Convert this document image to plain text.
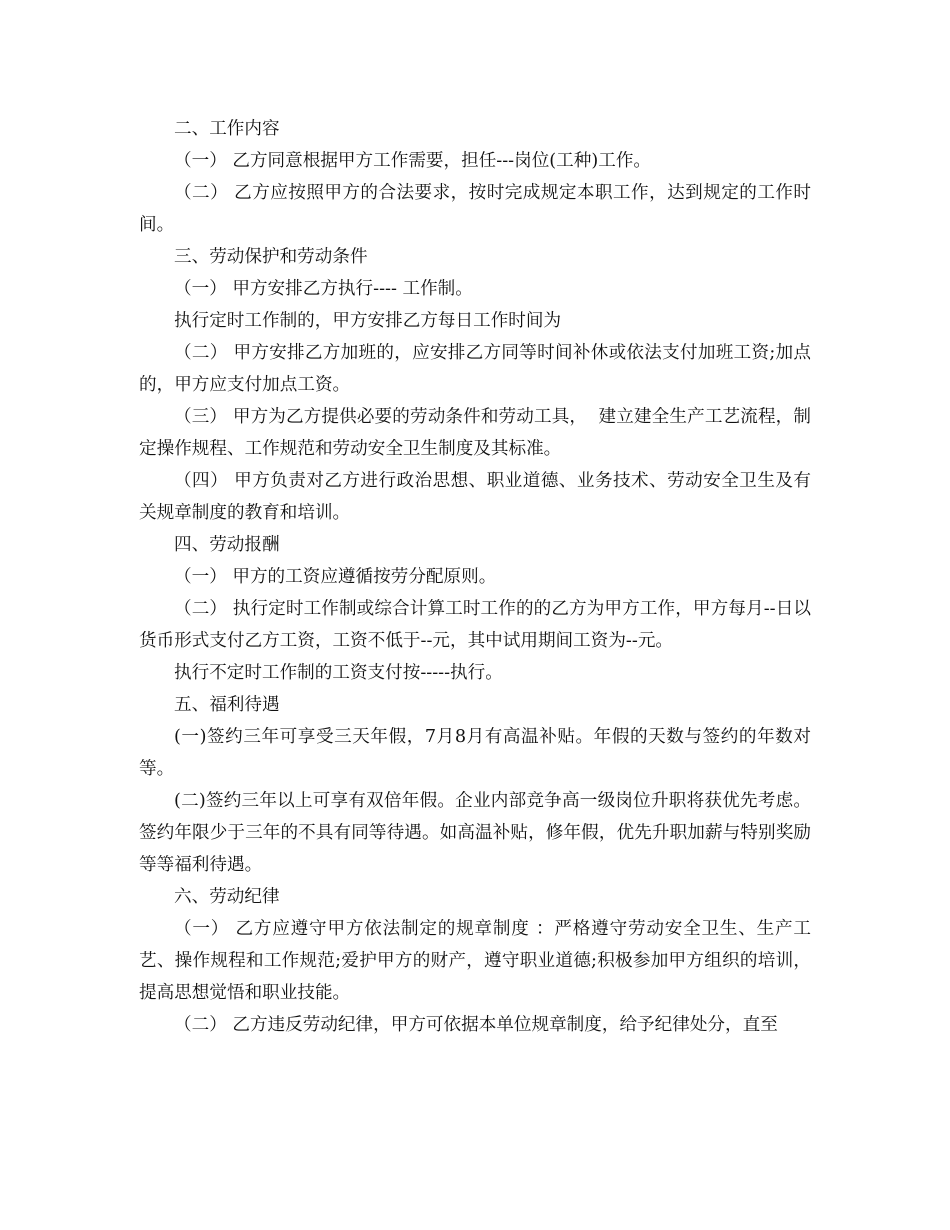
二、工作内容

（一） 乙方同意根据甲方工作需要，担任---岗位(工种)工作。

（二） 乙方应按照甲方的合法要求，按时完成规定本职工作，达到规定的工作时间。

三、劳动保护和劳动条件

（一） 甲方安排乙方执行---- 工作制。

执行定时工作制的，甲方安排乙方每日工作时间为

（二） 甲方安排乙方加班的，应安排乙方同等时间补休或依法支付加班工资;加点的，甲方应支付加点工资。

（三） 甲方为乙方提供必要的劳动条件和劳动工具，  建立建全生产工艺流程，制定操作规程、工作规范和劳动安全卫生制度及其标准。

（四） 甲方负责对乙方进行政治思想、职业道德、业务技术、劳动安全卫生及有关规章制度的教育和培训。

四、劳动报酬

（一） 甲方的工资应遵循按劳分配原则。

（二） 执行定时工作制或综合计算工时工作的的乙方为甲方工作，甲方每月--日以货币形式支付乙方工资，工资不低于--元，其中试用期间工资为--元。

执行不定时工作制的工资支付按-----执行。

五、福利待遇

(一)签约三年可享受三天年假，7月8月有高温补贴。年假的天数与签约的年数对等。

(二)签约三年以上可享有双倍年假。企业内部竞争高一级岗位升职将获优先考虑。签约年限少于三年的不具有同等待遇。如高温补贴，修年假，优先升职加薪与特别奖励等等福利待遇。

六、劳动纪律

（一） 乙方应遵守甲方依法制定的规章制度 ：严格遵守劳动安全卫生、生产工艺、操作规程和工作规范;爱护甲方的财产，遵守职业道德;积极参加甲方组织的培训，提高思想觉悟和职业技能。

（二） 乙方违反劳动纪律，甲方可依据本单位规章制度，给予纪律处分，直至
